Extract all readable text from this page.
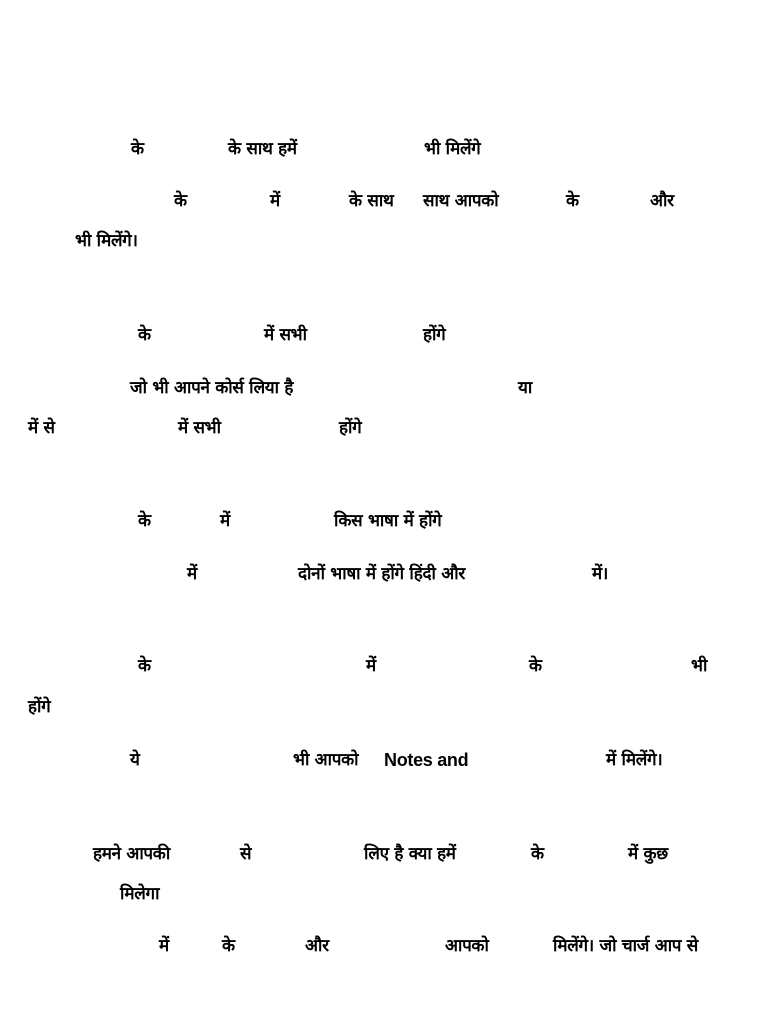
के	के साथ हमें	भी मिलेंगे
के	में	के साथ साथ आपको	के	और
भी मिलेंगे।
के	में सभी	होंगे
जो भी आपने कोर्स लिया है	या
में से	में सभी	होंगे
के	में	किस भाषा में होंगे
में	दोनों भाषा में होंगे हिंदी और	में।
के	में	के	भी
होंगे
ये	भी आपको Notes and	में मिलेंगे।
हमने आपकी	से	लिए है क्या हमें	के	में कुछ
मिलेगा
में	के	और	आपको	मिलेंगे। जो चार्ज आप से
